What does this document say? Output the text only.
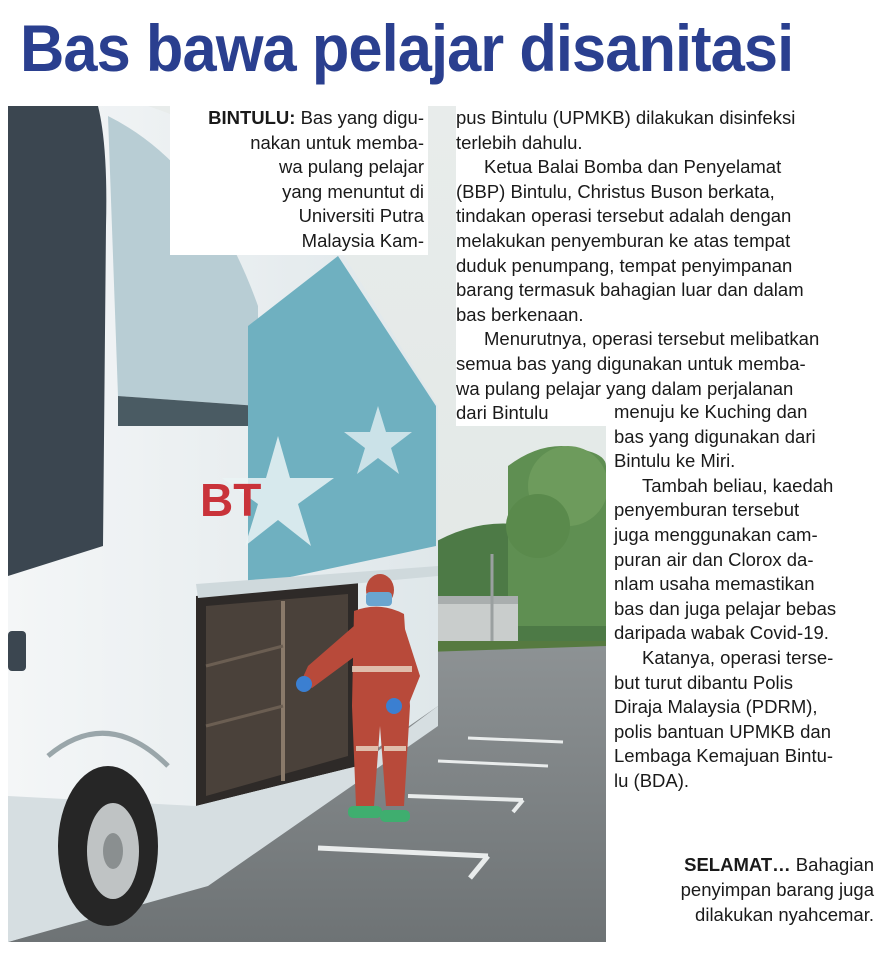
Bas bawa pelajar disanitasi
BT
BINTULU: Bas yang digu-
nakan untuk memba-
wa pulang pelajar
yang menuntut di
Universiti Putra
Malaysia Kam-
pus Bintulu (UPMKB) dilakukan disinfeksi
terlebih dahulu.
Ketua Balai Bomba dan Penyelamat
(BBP) Bintulu, Christus Buson berkata,
tindakan operasi tersebut adalah dengan
melakukan penyemburan ke atas tempat
duduk penumpang, tempat penyimpanan
barang termasuk bahagian luar dan dalam
bas berkenaan.
Menurutnya, operasi tersebut melibatkan
semua bas yang digunakan untuk memba-
wa pulang pelajar yang dalam perjalanan
dari Bintulu	menuju ke Kuching dan
bas yang digunakan dari
Bintulu ke Miri.
Tambah beliau, kaedah
penyemburan tersebut
juga menggunakan cam-
puran air dan Clorox da-
nlam usaha memastikan
bas dan juga pelajar bebas
daripada wabak Covid-19.
Katanya, operasi terse-
but turut dibantu Polis
Diraja Malaysia (PDRM),
polis bantuan UPMKB dan
Lembaga Kemajuan Bintu-
lu (BDA).
SELAMAT… Bahagian
penyimpan barang juga
dilakukan nyahcemar.
